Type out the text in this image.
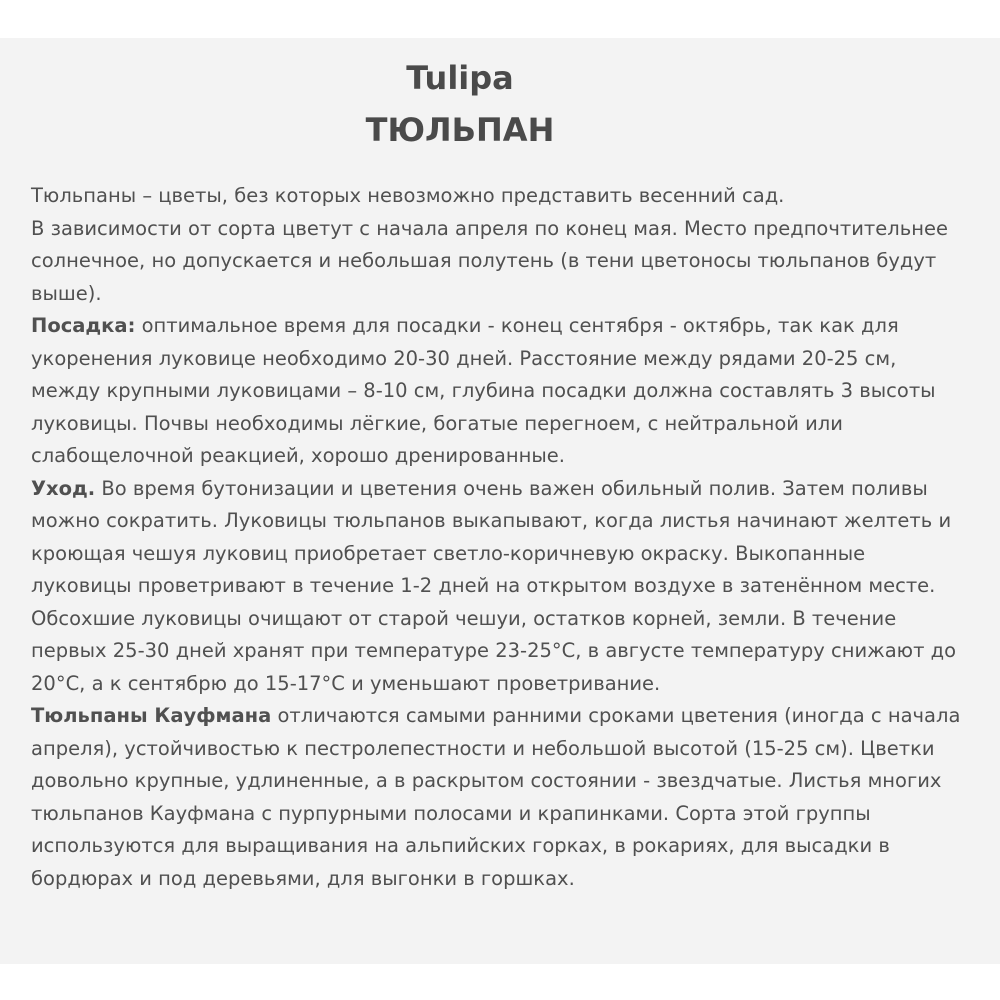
Tulipa
ТЮЛЬПАН

Тюльпаны – цветы, без которых невозможно представить весенний сад.

В зависимости от сорта цветут с начала апреля по конец мая. Место предпочтительнее

солнечное, но допускается и небольшая полутень (в тени цветоносы тюльпанов будут

выше).

Посадка: оптимальное время для посадки - конец сентября - октябрь, так как для

укоренения луковице необходимо 20-30 дней. Расстояние между рядами 20-25 см,

между крупными луковицами – 8-10 см, глубина посадки должна составлять 3 высоты

луковицы. Почвы необходимы лёгкие, богатые перегноем, с нейтральной или

слабощелочной реакцией, хорошо дренированные.

Уход. Во время бутонизации и цветения очень важен обильный полив. Затем поливы

можно сократить. Луковицы тюльпанов выкапывают, когда листья начинают желтеть и

кроющая чешуя луковиц приобретает светло-коричневую окраску. Выкопанные

луковицы проветривают в течение 1-2 дней на открытом воздухе в затенённом месте.

Обсохшие луковицы очищают от старой чешуи, остатков корней, земли. В течение

первых 25-30 дней хранят при температуре 23-25°С, в августе температуру снижают до

20°С, а к сентябрю до 15-17°С и уменьшают проветривание.

Тюльпаны Кауфмана отличаются самыми ранними сроками цветения (иногда с начала

апреля), устойчивостью к пестролепестности и небольшой высотой (15-25 см). Цветки

довольно крупные, удлиненные, а в раскрытом состоянии - звездчатые. Листья многих

тюльпанов Кауфмана с пурпурными полосами и крапинками. Сорта этой группы

используются для выращивания на альпийских горках, в рокариях, для высадки в

бордюрах и под деревьями, для выгонки в горшках.
